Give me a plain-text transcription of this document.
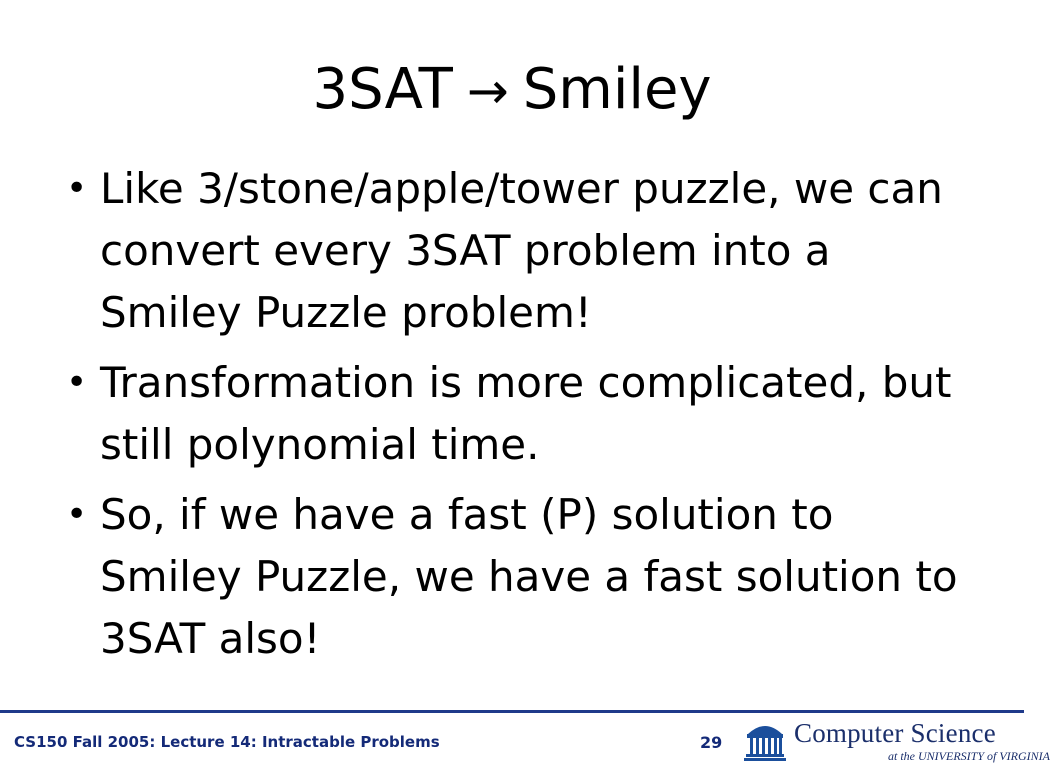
3SAT → Smiley
• Like 3/stone/apple/tower puzzle, we can convert every 3SAT problem into a Smiley Puzzle problem!
• Transformation is more complicated, but still polynomial time.
• So, if we have a fast (P) solution to Smiley Puzzle, we have a fast solution to 3SAT also!
CS150 Fall 2005: Lecture 14: Intractable Problems	29	Computer Science
at the UNIVERSITY of VIRGINIA
